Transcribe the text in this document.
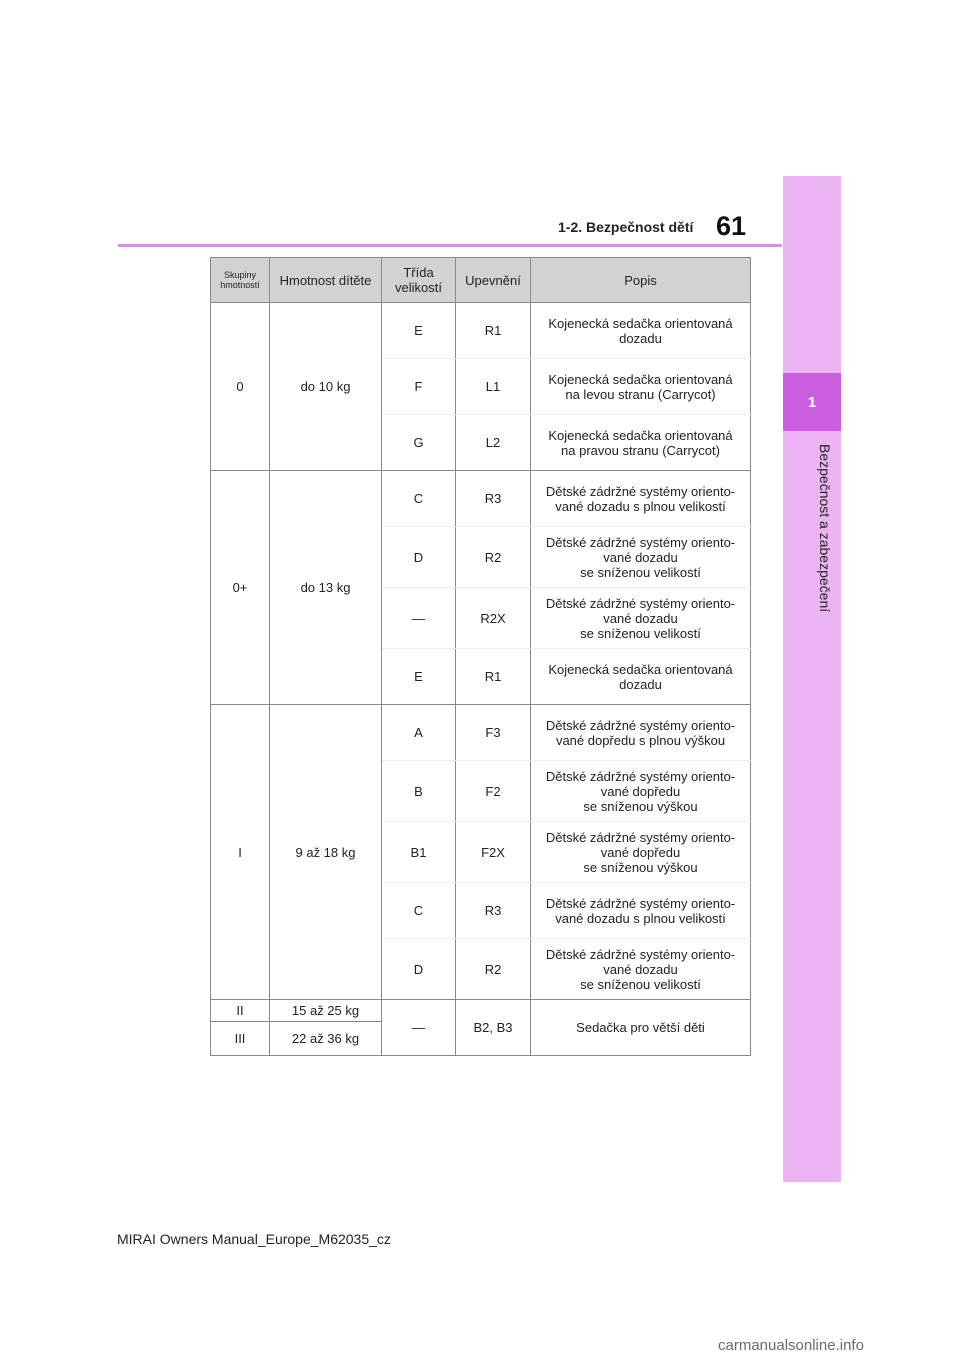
1
Bezpečnost a zabezpečení
1-2. Bezpečnost dětí 61
Skupiny hmotností	Hmotnost dítěte	Třída velikostí	Upevnění	Popis
0	do 10 kg	E	R1	Kojenecká sedačka orientovaná
dozadu
		F	L1	Kojenecká sedačka orientovaná
na levou stranu (Carrycot)
		G	L2	Kojenecká sedačka orientovaná
na pravou stranu (Carrycot)
0+	do 13 kg	C	R3	Dětské zádržné systémy oriento-
vané dozadu s plnou velikostí
		D	R2	Dětské zádržné systémy oriento-
vané dozadu
se sníženou velikostí
		—	R2X	Dětské zádržné systémy oriento-
vané dozadu
se sníženou velikostí
		E	R1	Kojenecká sedačka orientovaná
dozadu
I	9 až 18 kg	A	F3	Dětské zádržné systémy oriento-
vané dopředu s plnou výškou
		B	F2	Dětské zádržné systémy oriento-
vané dopředu
se sníženou výškou
		B1	F2X	Dětské zádržné systémy oriento-
vané dopředu
se sníženou výškou
		C	R3	Dětské zádržné systémy oriento-
vané dozadu s plnou velikostí
		D	R2	Dětské zádržné systémy oriento-
vané dozadu
se sníženou velikostí
II	15 až 25 kg	—	B2, B3	Sedačka pro větší děti
III	22 až 36 kg			
MIRAI Owners Manual_Europe_M62035_cz
carmanualsonline.info
